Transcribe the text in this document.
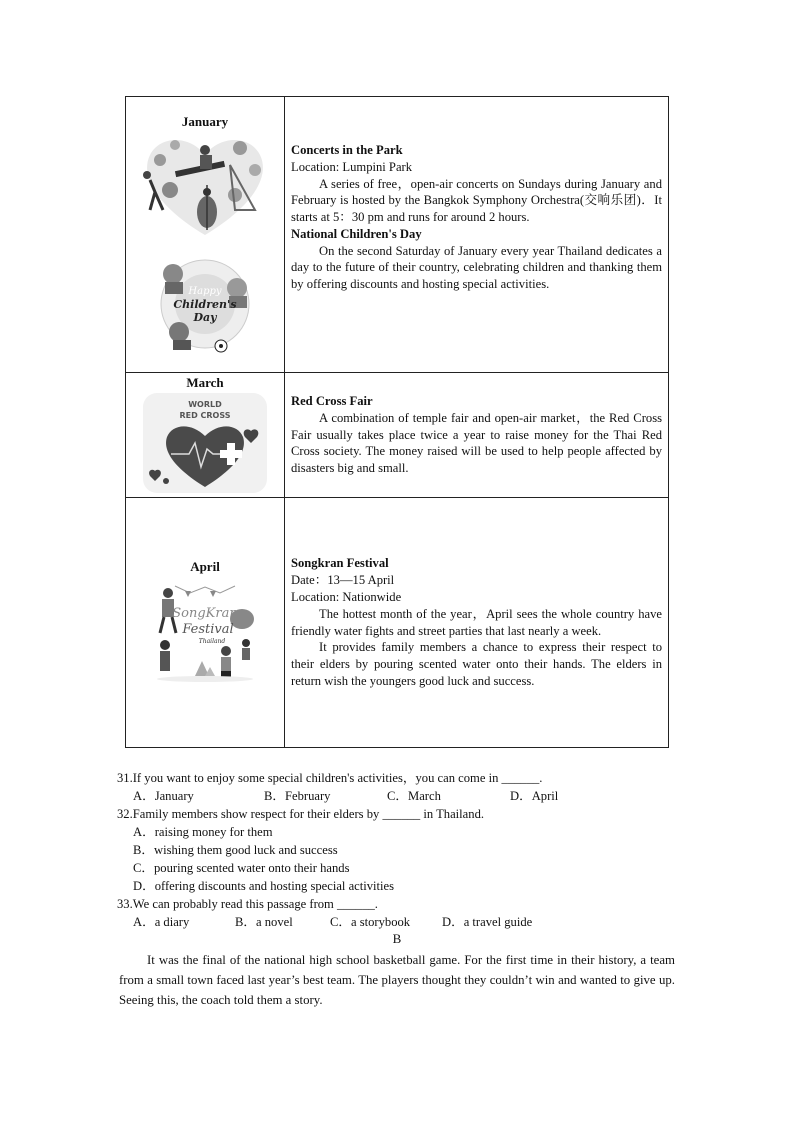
January
Happy
Children's
Day

Concerts in the Park
Location: Lumpini Park
A series of free，open-air concerts on Sundays during January and February is hosted by the Bangkok Symphony Orchestra(交响乐团)．It starts at 5：30 pm and runs for around 2 hours.
National Children's Day
On the second Saturday of January every year Thailand dedicates a day to the future of their country, celebrating children and thanking them by offering discounts and hosting special activities.

March
WORLD
RED CROSS

Red Cross Fair
A combination of temple fair and open-air market，the Red Cross Fair usually takes place twice a year to raise money for the Thai Red Cross society. The money raised will be used to help people affected by disasters big and small.

April
SongKran
Festival
Thailand

Songkran Festival
Date：13—15 April
Location: Nationwide
The hottest month of the year，April sees the whole country have friendly water fights and street parties that last nearly a week.
It provides family members a chance to express their respect to their elders by pouring scented water onto their hands. The elders in return wish the youngers good luck and success.
31.If you want to enjoy some special children's activities，you can come in ______.
A．January	B．February	C．March	D．April
32.Family members show respect for their elders by ______ in Thailand.
A．raising money for them
B．wishing them good luck and success
C．pouring scented water onto their hands
D．offering discounts and hosting special activities
33.We can probably read this passage from ______.
A．a diary	B．a novel	C．a storybook	D．a travel guide
B
It was the final of the national high school basketball game. For the first time in their history, a team from a small town faced last year’s best team. The players thought they couldn’t win and wanted to give up. Seeing this, the coach told them a story.
